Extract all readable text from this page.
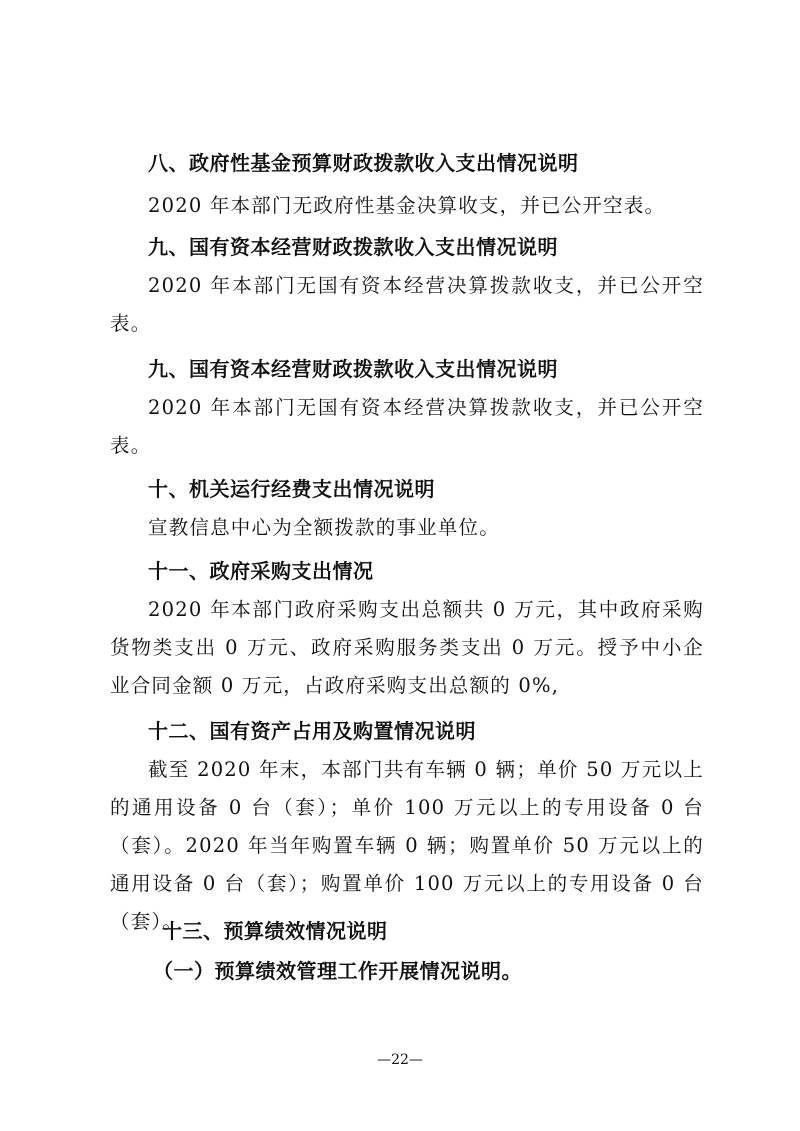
八、政府性基金预算财政拨款收入支出情况说明

2020 年本部门无政府性基金决算收支，并已公开空表。

九、国有资本经营财政拨款收入支出情况说明

2020 年本部门无国有资本经营决算拨款收支，并已公开空表。

九、国有资本经营财政拨款收入支出情况说明

2020 年本部门无国有资本经营决算拨款收支，并已公开空表。

十、机关运行经费支出情况说明

宣教信息中心为全额拨款的事业单位。

十一、政府采购支出情况

2020 年本部门政府采购支出总额共 0 万元，其中政府采购货物类支出 0 万元、政府采购服务类支出 0 万元。授予中小企业合同金额 0 万元，占政府采购支出总额的 0%,

十二、国有资产占用及购置情况说明

截至 2020 年末，本部门共有车辆 0 辆；单价 50 万元以上的通用设备 0 台（套）；单价 100 万元以上的专用设备 0 台（套）。2020 年当年购置车辆 0 辆；购置单价 50 万元以上的通用设备 0 台（套）；购置单价 100 万元以上的专用设备 0 台（套）。

十三、预算绩效情况说明

（一）预算绩效管理工作开展情况说明。

—22—
